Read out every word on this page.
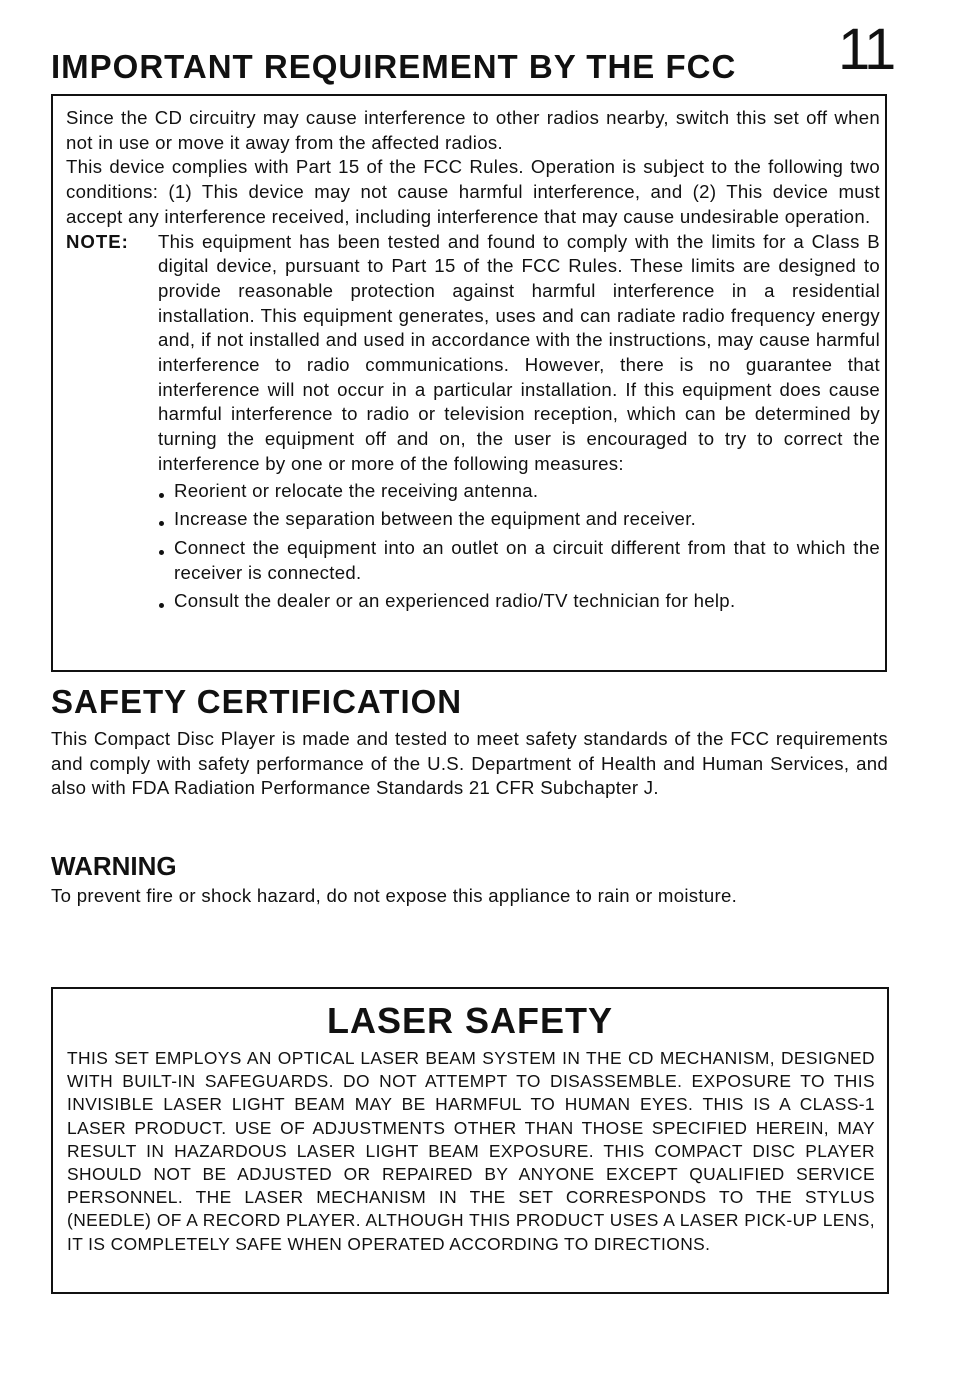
11
IMPORTANT REQUIREMENT BY THE FCC

Since the CD circuitry may cause interference to other radios nearby, switch this set off when not in use or move it away from the affected radios.

This device complies with Part 15 of the FCC Rules. Operation is subject to the following two conditions: (1) This device may not cause harmful interference, and (2) This device must accept any interference received, including interference that may cause undesirable operation.

NOTE:	This equipment has been tested and found to comply with the limits for a Class B digital device, pursuant to Part 15 of the FCC Rules. These limits are designed to provide reasonable protection against harmful interference in a residential installation. This equipment generates, uses and can radiate radio frequency energy and, if not installed and used in accordance with the instructions, may cause harmful interference to radio communications. However, there is no guarantee that interference will not occur in a particular installation. If this equipment does cause harmful interference to radio or television reception, which can be determined by turning the equipment off and on, the user is encouraged to try to correct the interference by one or more of the following measures:
Reorient or relocate the receiving antenna.
Increase the separation between the equipment and receiver.
Connect the equipment into an outlet on a circuit different from that to which the receiver is connected.
Consult the dealer or an experienced radio/TV technician for help.
SAFETY CERTIFICATION

This Compact Disc Player is made and tested to meet safety standards of the FCC requirements and comply with safety performance of the U.S. Department of Health and Human Services, and also with FDA Radiation Performance Standards 21 CFR Subchapter J.

WARNING

To prevent fire or shock hazard, do not expose this appliance to rain or moisture.

LASER SAFETY

THIS SET EMPLOYS AN OPTICAL LASER BEAM SYSTEM IN THE CD MECHANISM, DESIGNED WITH BUILT-IN SAFEGUARDS. DO NOT ATTEMPT TO DISASSEMBLE. EXPOSURE TO THIS INVISIBLE LASER LIGHT BEAM MAY BE HARMFUL TO HUMAN EYES. THIS IS A CLASS-1 LASER PRODUCT. USE OF ADJUSTMENTS OTHER THAN THOSE SPECIFIED HEREIN, MAY RESULT IN HAZARDOUS LASER LIGHT BEAM EXPOSURE. THIS COMPACT DISC PLAYER SHOULD NOT BE ADJUSTED OR REPAIRED BY ANYONE EXCEPT QUALIFIED SERVICE PERSONNEL. THE LASER MECHANISM IN THE SET CORRESPONDS TO THE STYLUS (NEEDLE) OF A RECORD PLAYER. ALTHOUGH THIS PRODUCT USES A LASER PICK-UP LENS, IT IS COMPLETELY SAFE WHEN OPERATED ACCORDING TO DIRECTIONS.
